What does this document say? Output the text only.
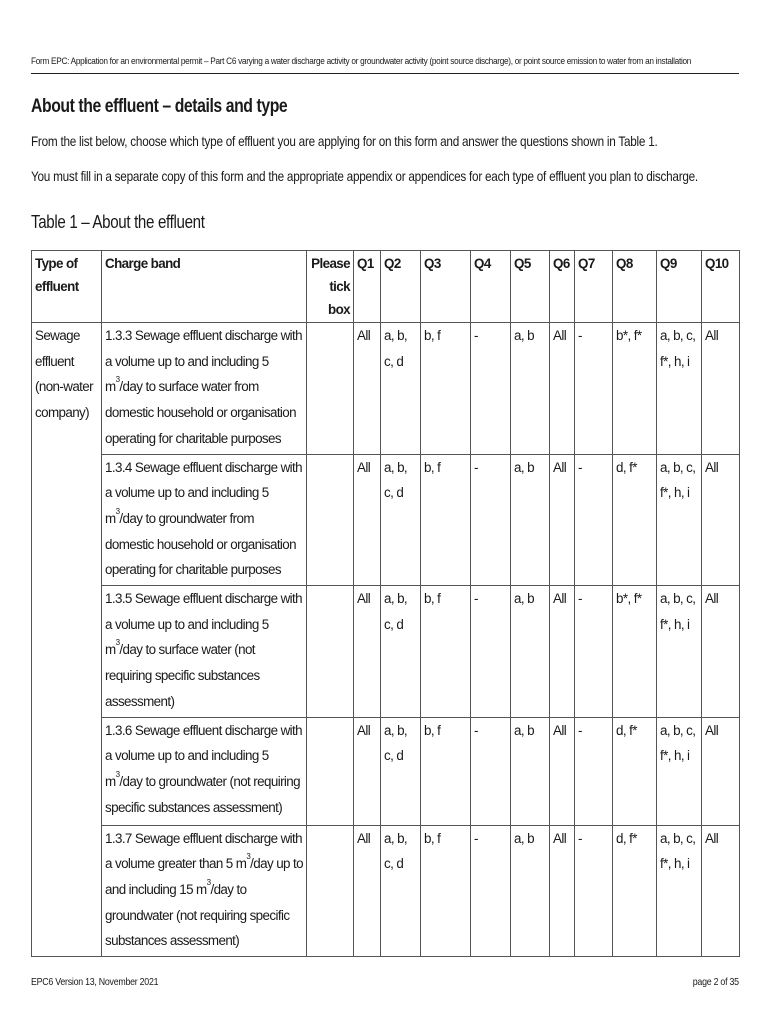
Form EPC: Application for an environmental permit – Part C6 varying a water discharge activity or groundwater activity (point source discharge), or point source emission to water from an installation
About the effluent – details and type
From the list below, choose which type of effluent you are applying for on this form and answer the questions shown in Table 1.
You must fill in a separate copy of this form and the appropriate appendix or appendices for each type of effluent you plan to discharge.
Table 1 – About the effluent
Type of effluent	Charge band	Please tick box	Q1	Q2	Q3	Q4	Q5	Q6	Q7	Q8	Q9	Q10
Sewage effluent (non-water company)	1.3.3 Sewage effluent discharge with a volume up to and including 5 $m^3$/day to surface water from domestic household or organisation operating for charitable purposes		All	a, b, c, d	b, f	-	a, b	All	-	b*, f*	a, b, c, f*, h, i	All
	1.3.4 Sewage effluent discharge with a volume up to and including 5 $m^3$/day to groundwater from domestic household or organisation operating for charitable purposes		All	a, b, c, d	b, f	-	a, b	All	-	d, f*	a, b, c, f*, h, i	All
	1.3.5 Sewage effluent discharge with a volume up to and including 5 $m^3$/day to surface water (not requiring specific substances assessment)		All	a, b, c, d	b, f	-	a, b	All	-	b*, f*	a, b, c, f*, h, i	All
	1.3.6 Sewage effluent discharge with a volume up to and including 5 $m^3$/day to groundwater (not requiring specific substances assessment)		All	a, b, c, d	b, f	-	a, b	All	-	d, f*	a, b, c, f*, h, i	All
	1.3.7 Sewage effluent discharge with a volume greater than 5 $m^3$/day up to and including 15 $m^3$/day to groundwater (not requiring specific substances assessment)		All	a, b, c, d	b, f	-	a, b	All	-	d, f*	a, b, c, f*, h, i	All
EPC6 Version 13, November 2021	page 2 of 35
